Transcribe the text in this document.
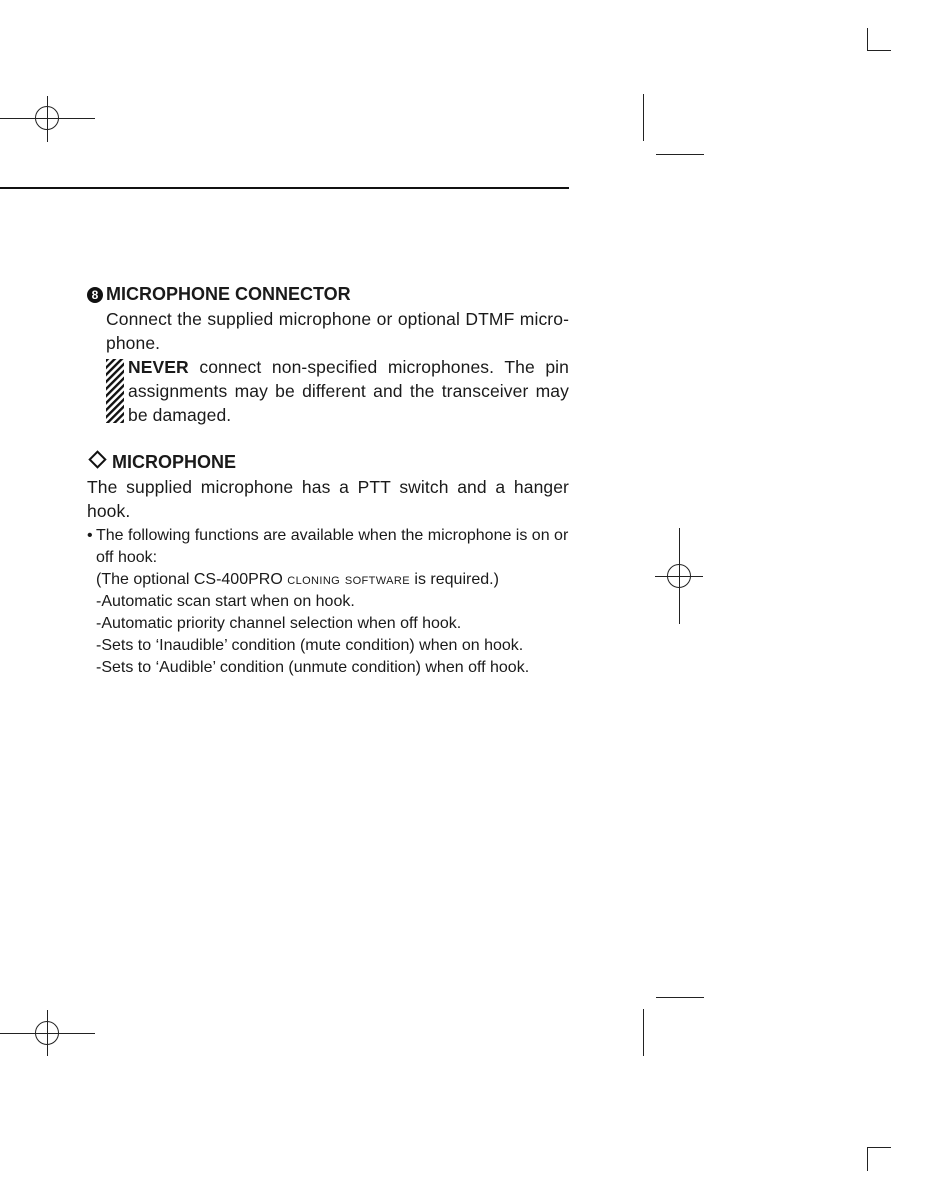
8 MICROPHONE CONNECTOR
Connect the supplied microphone or optional DTMF micro-phone.
NEVER connect non-specified microphones. The pin assignments may be different and the transceiver may be damaged.
MICROPHONE
The supplied microphone has a PTT switch and a hanger hook.
• The following functions are available when the microphone is on or off hook:
(The optional CS-400PRO cloning software is required.)
-Automatic scan start when on hook.
-Automatic priority channel selection when off hook.
-Sets to ‘Inaudible’ condition (mute condition) when on hook.
-Sets to ‘Audible’ condition (unmute condition) when off hook.
